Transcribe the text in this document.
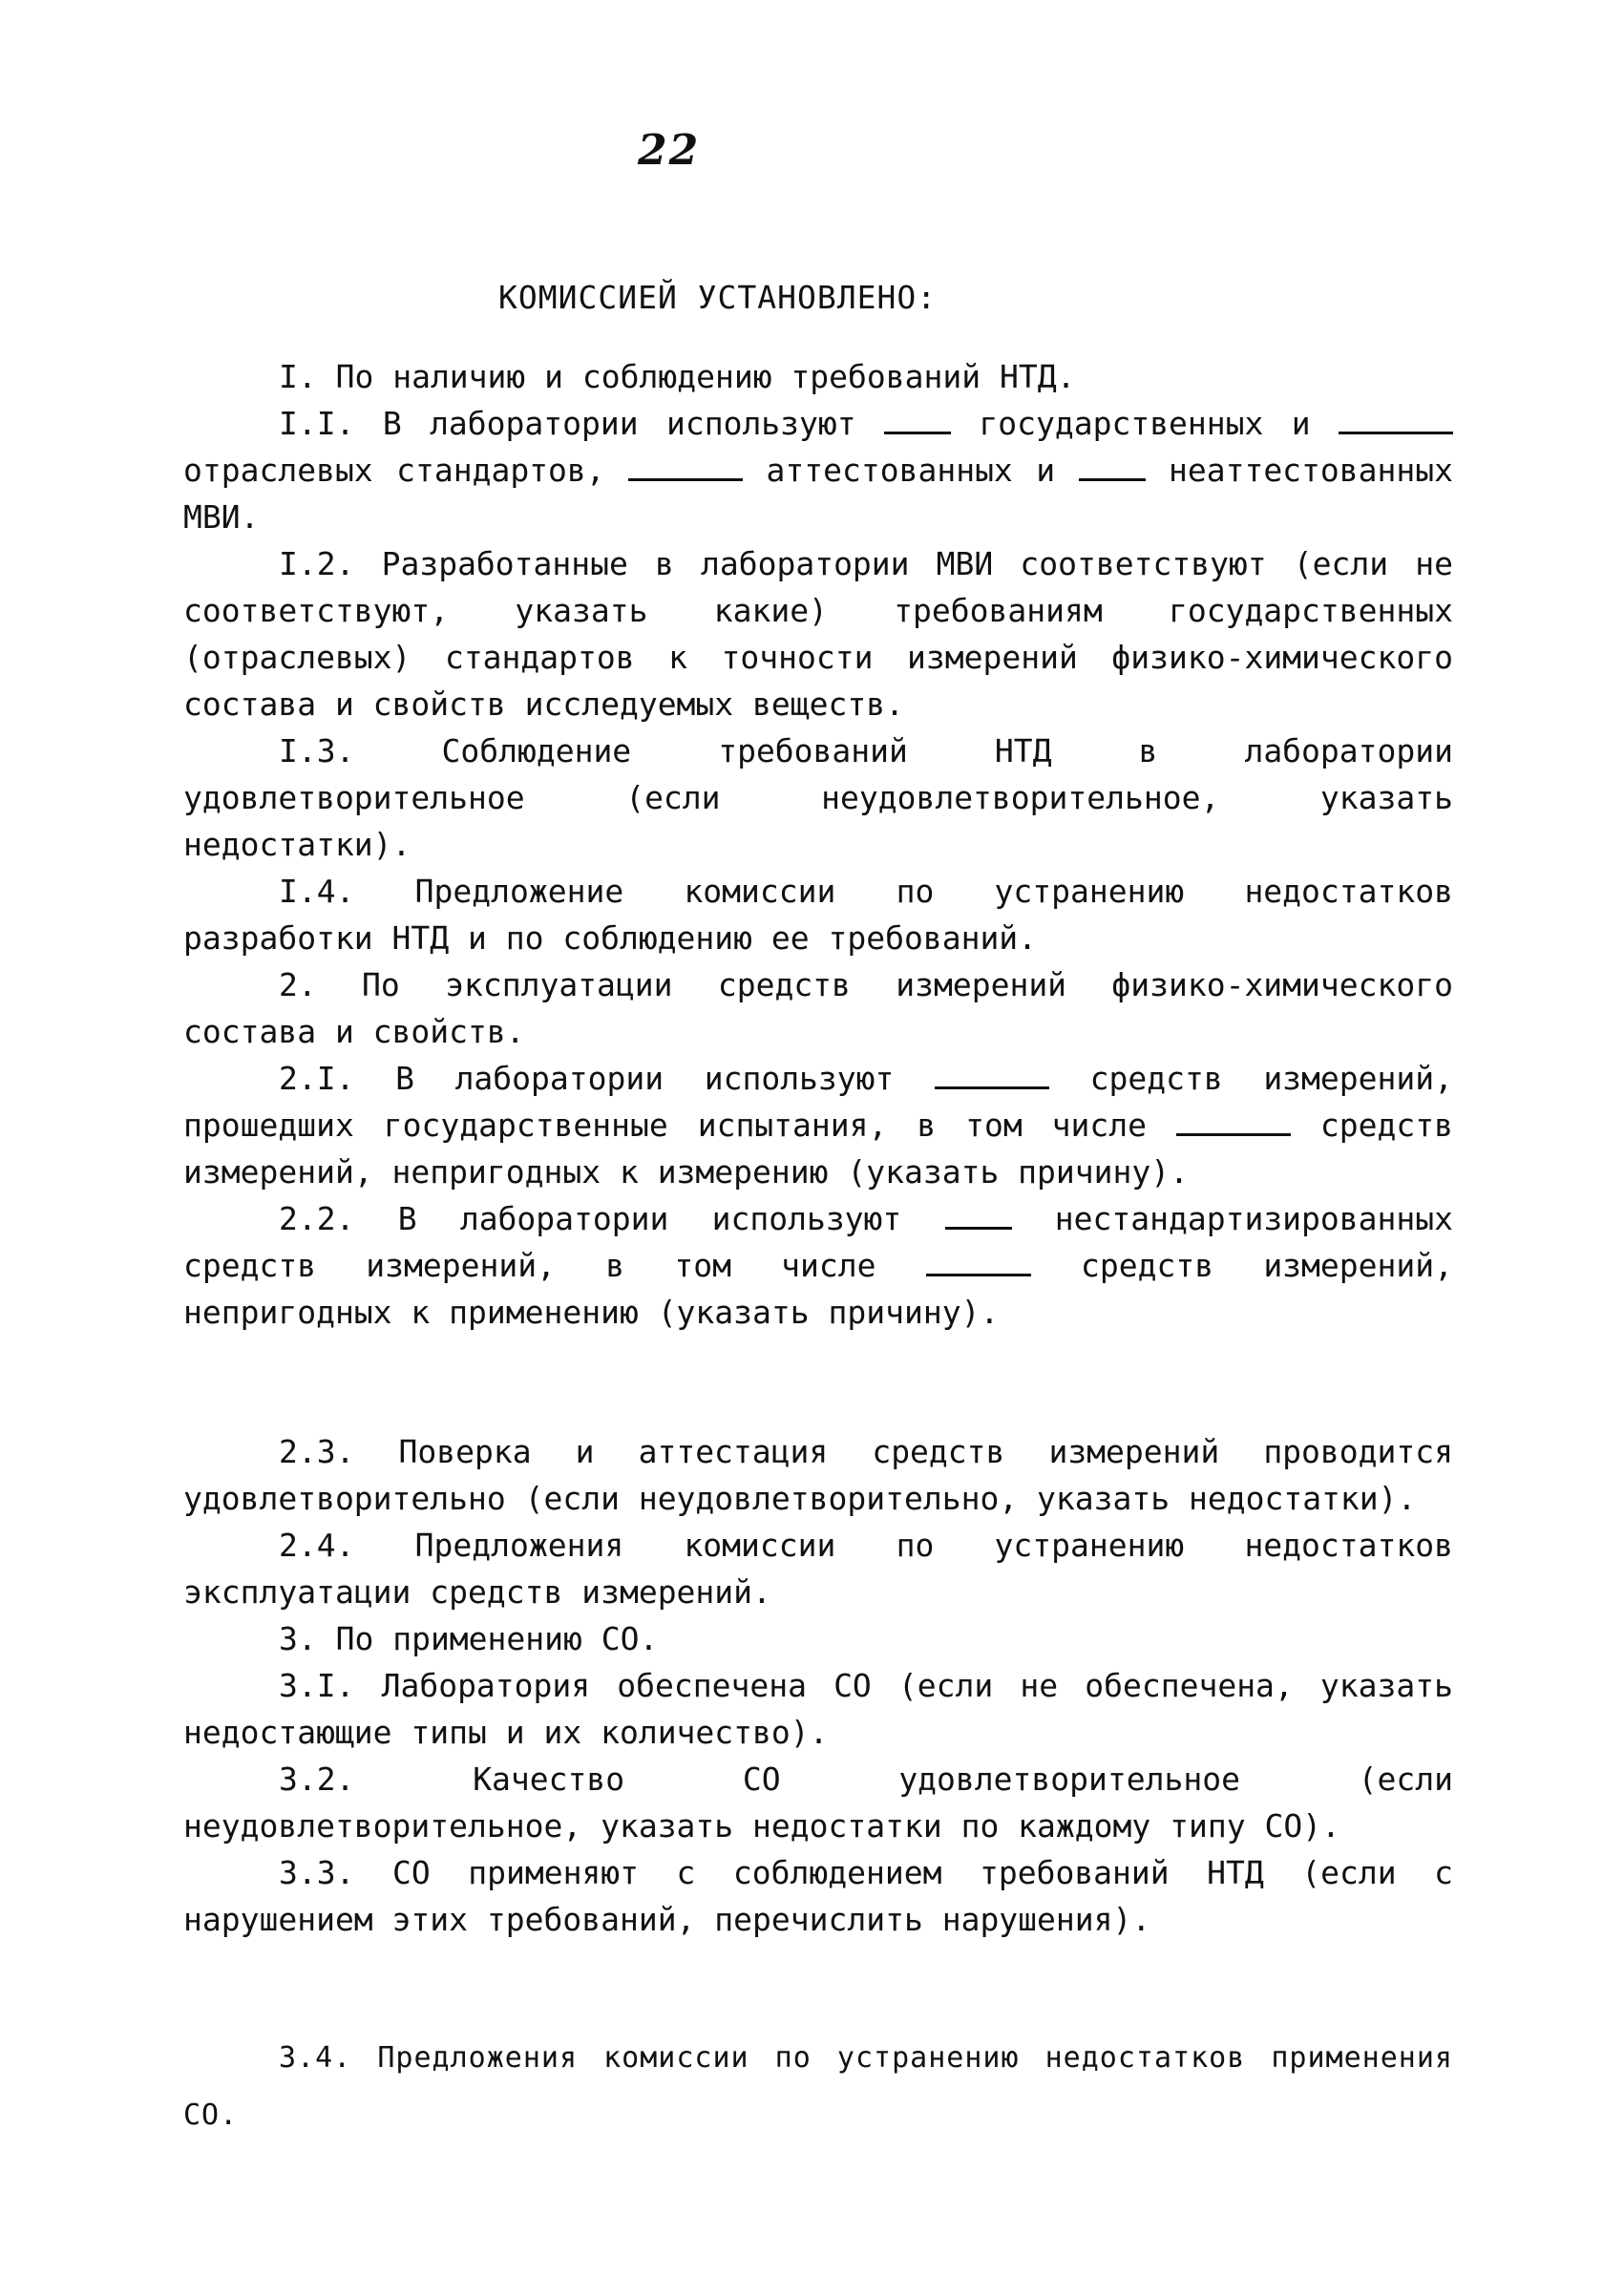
22
КОМИССИЕЙ УСТАНОВЛЕНО:

I. По наличию и соблюдению требований НТД.

I.I. В лаборатории используют  государственных и  отраслевых стандартов,	аттестованных и  неаттестованных МВИ.

I.2. Разработанные в лаборатории МВИ соответствуют (если не соответствуют, указать какие) требованиям государственных (отраслевых) стандартов к точности измерений физико-химического состава и свойств исследуемых веществ.

I.3. Соблюдение требований НТД в лаборатории удовлетворительное (если неудовлетворительное, указать недостатки).

I.4. Предложение комиссии по устранению недостатков разработки НТД и по соблюдению ее требований.

2. По эксплуатации средств измерений физико-химического состава и свойств.

2.I. В лаборатории используют	средств измерений, прошедших государственные испытания, в том числе	средств измерений, непригодных к измерению (указать причину).

2.2. В лаборатории используют  нестандартизированных средств измерений, в том числе	средств измерений, непригодных к применению (указать причину).

2.3. Поверка и аттестация средств измерений проводится удовлетворительно (если неудовлетворительно, указать недостатки).

2.4. Предложения комиссии по устранению недостатков эксплуатации средств измерений.

3. По применению СО.

3.I. Лаборатория обеспечена СО (если не обеспечена, указать недостающие типы и их количество).

3.2. Качество СО удовлетворительное (если неудовлетворительное, указать недостатки по каждому типу СО).

3.3. СО применяют с соблюдением требований НТД (если с нарушением этих требований, перечислить нарушения).

3.4. Предложения комиссии по устранению недостатков применения СО.
